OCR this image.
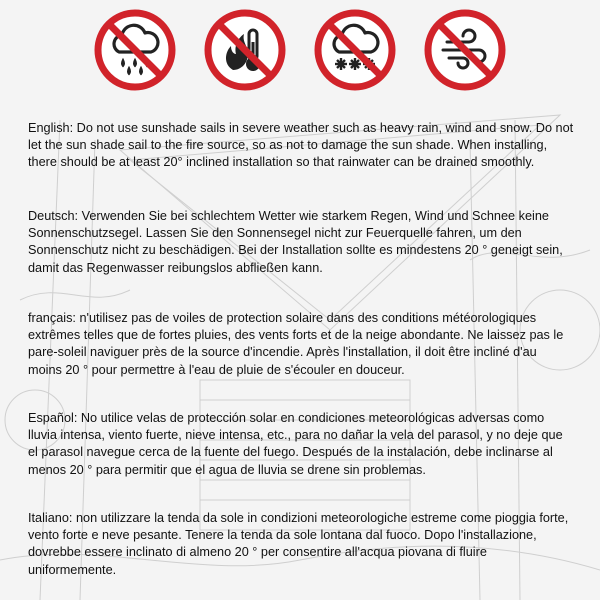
English: Do not use sunshade sails in severe weather such as heavy rain, wind and snow. Do not let the sun shade sail to the fire source, so as not to damage the sun shade. When installing, there should be at least 20° inclined installation so that rainwater can be drained smoothly.

Deutsch: Verwenden Sie bei schlechtem Wetter wie starkem Regen, Wind und Schnee keine Sonnenschutzsegel. Lassen Sie den Sonnensegel nicht zur Feuerquelle fahren, um den Sonnenschutz nicht zu beschädigen. Bei der Installation sollte es mindestens 20 ° geneigt sein, damit das Regenwasser reibungslos abfließen kann.

français: n'utilisez pas de voiles de protection solaire dans des conditions météorologiques extrêmes telles que de fortes pluies, des vents forts et de la neige abondante. Ne laissez pas le pare-soleil naviguer près de la source d'incendie. Après l'installation, il doit être incliné d'au moins 20 ° pour permettre à l'eau de pluie de s'écouler en douceur.

Español: No utilice velas de protección solar en condiciones meteorológicas adversas como lluvia intensa, viento fuerte, nieve intensa, etc., para no dañar la vela del parasol, y no deje que el parasol navegue cerca de la fuente del fuego. Después de la instalación, debe inclinarse al menos 20 ° para permitir que el agua de lluvia se drene sin problemas.

Italiano: non utilizzare la tenda da sole in condizioni meteorologiche estreme come pioggia forte, vento forte e neve pesante. Tenere la tenda da sole lontana dal fuoco. Dopo l'installazione, dovrebbe essere inclinato di almeno 20 ° per consentire all'acqua piovana di fluire uniformemente.
